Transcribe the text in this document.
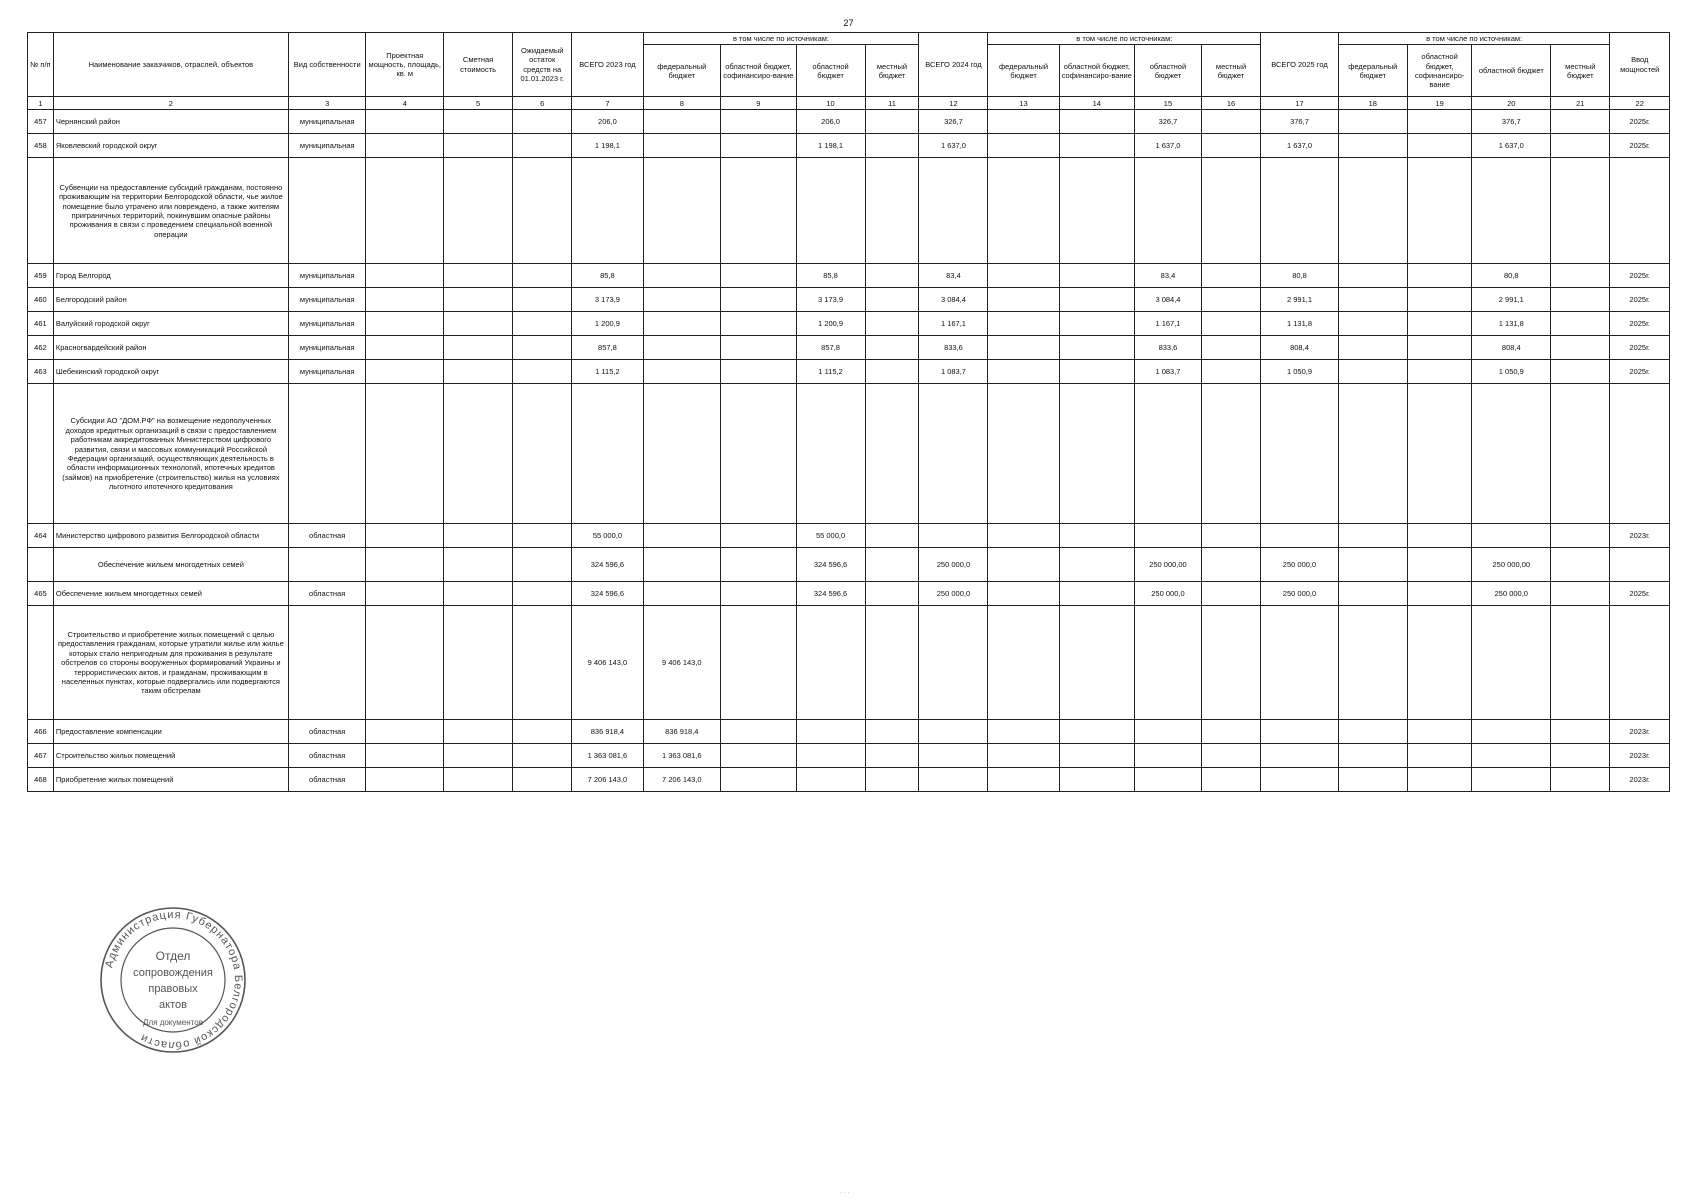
27
№ п/п	Наименование заказчиков, отраслей, объектов	Вид собственности	Проектная мощность, площадь, кв. м	Сметная стоимость	Ожидаемый остаток средств на 01.01.2023 г.	ВСЕГО 2023 год	в том числе по источникам:				ВСЕГО 2024 год	в том числе по источникам:				ВСЕГО 2025 год	в том числе по источникам:				Ввод мощностей
							федеральный бюджет	областной бюджет, софинансиро-вание	областной бюджет	местный бюджет		федеральный бюджет	областной бюджет, софинансиро-вание	областной бюджет	местный бюджет		федеральный бюджет	областной бюджет, софинансиро-вание	областной бюджет	местный бюджет	
1	2	3	4	5	6	7	8	9	10	11	12	13	14	15	16	17	18	19	20	21	22
457	Чернянский район	муниципальная				206,0			206,0		326,7			326,7		376,7			376,7		2025г.
458	Яковлевский городской округ	муниципальная				1 198,1			1 198,1		1 637,0			1 637,0		1 637,0			1 637,0		2025г.
	Субвенции на предоставление субсидий гражданам, постоянно проживающим на территории Белгородской области, чье жилое помещение было утрачено или повреждено, а также жителям приграничных территорий, покинувшим опасные районы проживания в связи с проведением специальной военной операции																				
459	Город Белгород	муниципальная				85,8			85,8		83,4			83,4		80,8			80,8		2025г.
460	Белгородский район	муниципальная				3 173,9			3 173,9		3 084,4			3 084,4		2 991,1			2 991,1		2025г.
461	Валуйский городской округ	муниципальная				1 200,9			1 200,9		1 167,1			1 167,1		1 131,8			1 131,8		2025г.
462	Красногвардейский район	муниципальная				857,8			857,8		833,6			833,6		808,4			808,4		2025г.
463	Шебекинский городской округ	муниципальная				1 115,2			1 115,2		1 083,7			1 083,7		1 050,9			1 050,9		2025г.
	Субсидии АО "ДОМ.РФ" на возмещение недополученных доходов кредитных организаций в связи с предоставлением работникам аккредитованных Министерством цифрового развития, связи и массовых коммуникаций Российской Федерации организаций, осуществляющих деятельность в области информационных технологий, ипотечных кредитов (займов) на приобретение (строительство) жилья на условиях льготного ипотечного кредитования																				
464	Министерство цифрового развития Белгородской области	областная				55 000,0			55 000,0												2023г.
	Обеспечение жильем многодетных семей					324 596,6			324 596,6		250 000,0			250 000,00		250 000,0			250 000,00		
465	Обеспечение жильем многодетных семей	областная				324 596,6			324 596,6		250 000,0			250 000,0		250 000,0			250 000,0		2025г.
	Строительство и приобретение жилых помещений с целью предоставления гражданам, которые утратили жилье или жилье которых стало непригодным для проживания в результате обстрелов со стороны вооруженных формирований Украины и террористических актов, и гражданам, проживающим в населенных пунктах, которые подвергались или подвергаются таким обстрелам					9 406 143,0	9 406 143,0														
466	Предоставление компенсации	областная				836 918,4	836 918,4														2023г.
467	Строительство жилых помещений	областная				1 363 081,6	1 363 081,6														2023г.
468	Приобретение жилых помещений	областная				7 206 143,0	7 206 143,0														2023г.
Администрация Губернатора Белгородской области
Отдел
сопровождения
правовых
актов
Для документов
· · ·
